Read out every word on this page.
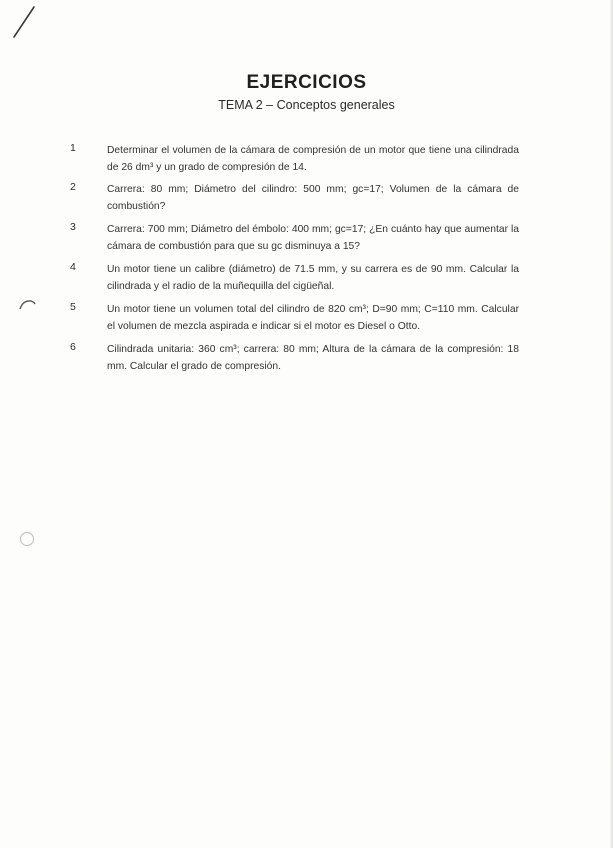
EJERCICIOS
TEMA 2 – Conceptos generales
1	Determinar el volumen de la cámara de compresión de un motor que tiene una cilindrada de 26 dm³ y un grado de compresión de 14.
2	Carrera: 80 mm; Diámetro del cilindro: 500 mm; gc=17; Volumen de la cámara de combustión?
3	Carrera: 700 mm; Diámetro del émbolo: 400 mm; gc=17; ¿En cuánto hay que aumentar la cámara de combustión para que su gc disminuya a 15?
4	Un motor tiene un calibre (diámetro) de 71.5 mm, y su carrera es de 90 mm. Calcular la cilindrada y el radio de la muñequilla del cigüeñal.
5	Un motor tiene un volumen total del cilindro de 820 cm³; D=90 mm; C=110 mm. Calcular el volumen de mezcla aspirada e indicar si el motor es Diesel o Otto.
6	Cilindrada unitaria: 360 cm³; carrera: 80 mm; Altura de la cámara de la compresión: 18 mm. Calcular el grado de compresión.
